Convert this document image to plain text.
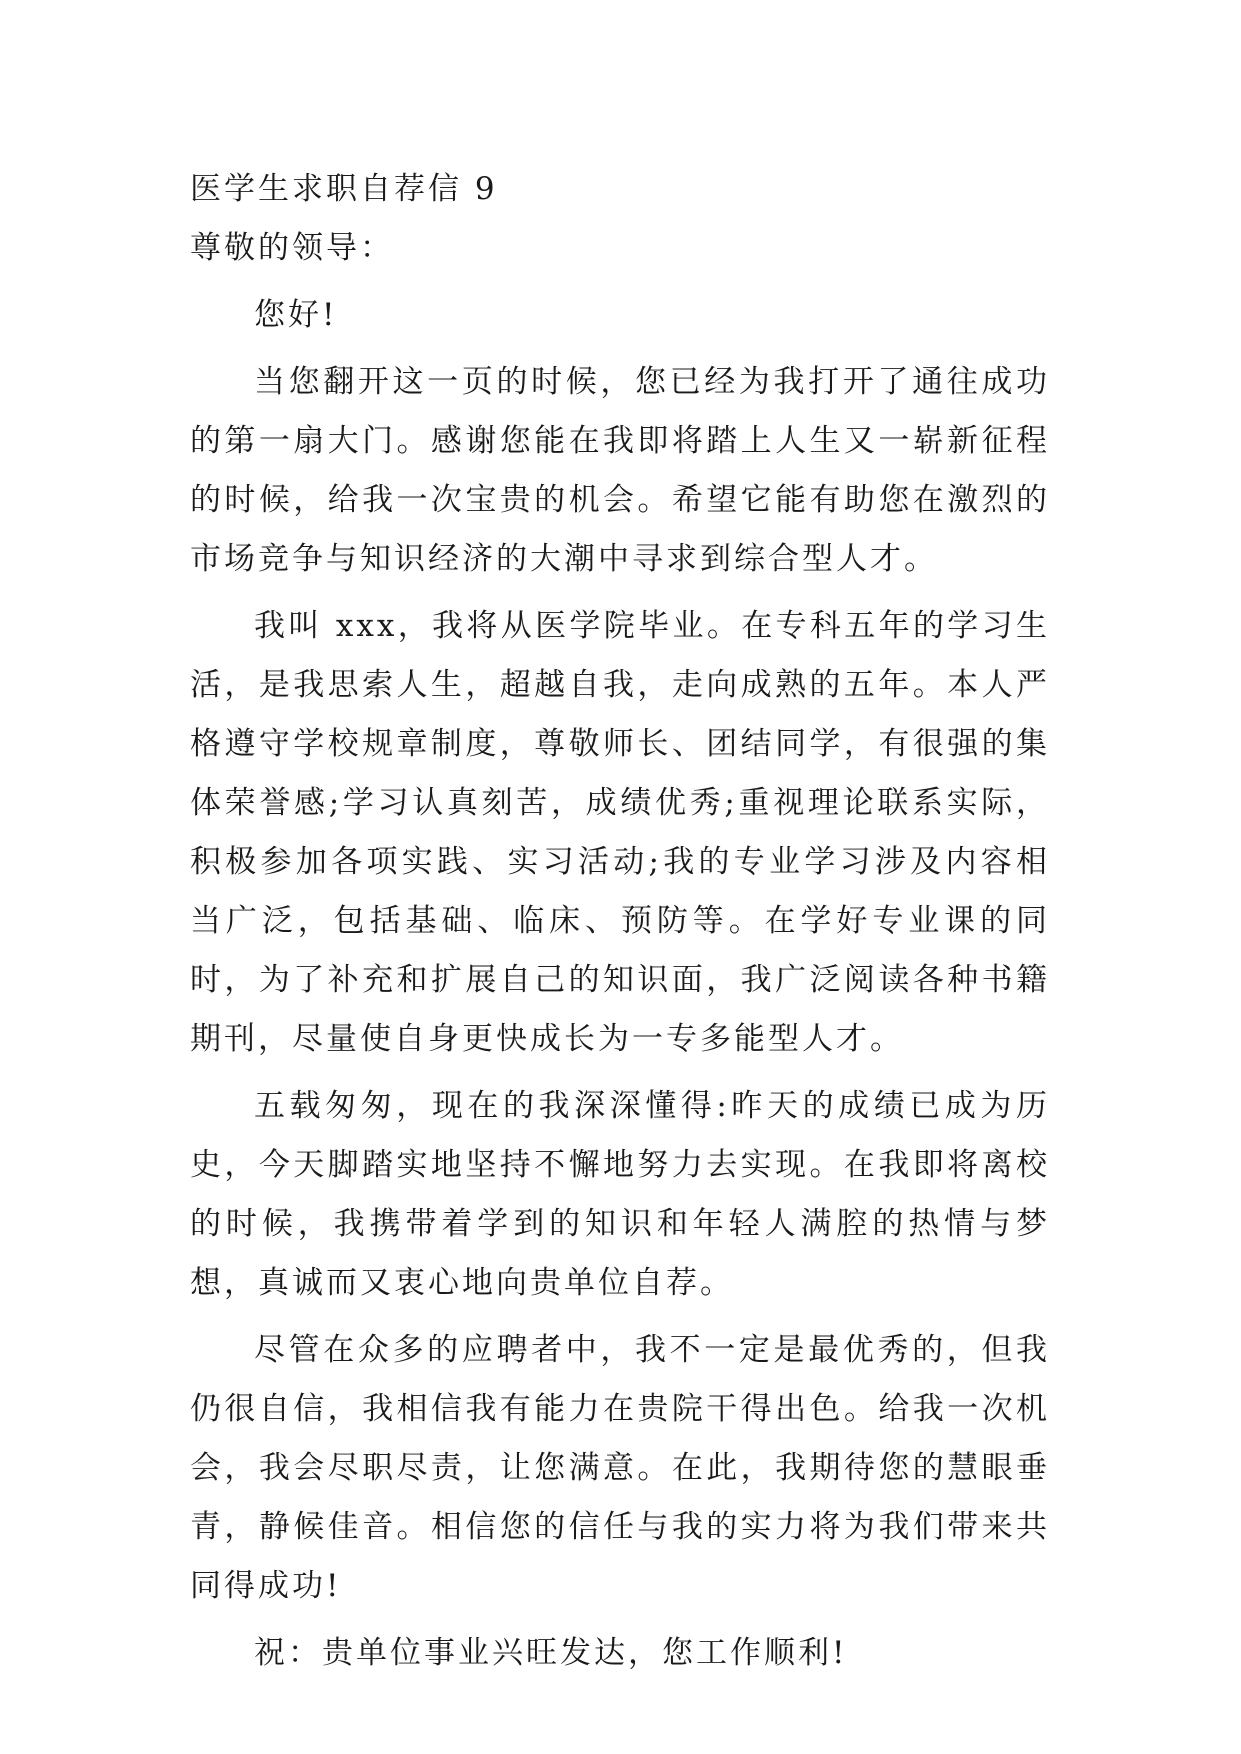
医学生求职自荐信 9

尊敬的领导：

您好!

当您翻开这一页的时候，您已经为我打开了通往成功的第一扇大门。感谢您能在我即将踏上人生又一崭新征程的时候，给我一次宝贵的机会。希望它能有助您在激烈的市场竞争与知识经济的大潮中寻求到综合型人才。

我叫 xxx，我将从医学院毕业。在专科五年的学习生活，是我思索人生，超越自我，走向成熟的五年。本人严格遵守学校规章制度，尊敬师长、团结同学，有很强的集体荣誉感;学习认真刻苦，成绩优秀;重视理论联系实际，积极参加各项实践、实习活动;我的专业学习涉及内容相当广泛，包括基础、临床、预防等。在学好专业课的同时，为了补充和扩展自己的知识面，我广泛阅读各种书籍期刊，尽量使自身更快成长为一专多能型人才。

五载匆匆，现在的我深深懂得:昨天的成绩已成为历史，今天脚踏实地坚持不懈地努力去实现。在我即将离校的时候，我携带着学到的知识和年轻人满腔的热情与梦想，真诚而又衷心地向贵单位自荐。

尽管在众多的应聘者中，我不一定是最优秀的，但我仍很自信，我相信我有能力在贵院干得出色。给我一次机会，我会尽职尽责，让您满意。在此，我期待您的慧眼垂青，静候佳音。相信您的信任与我的实力将为我们带来共同得成功!

祝：贵单位事业兴旺发达，您工作顺利!
